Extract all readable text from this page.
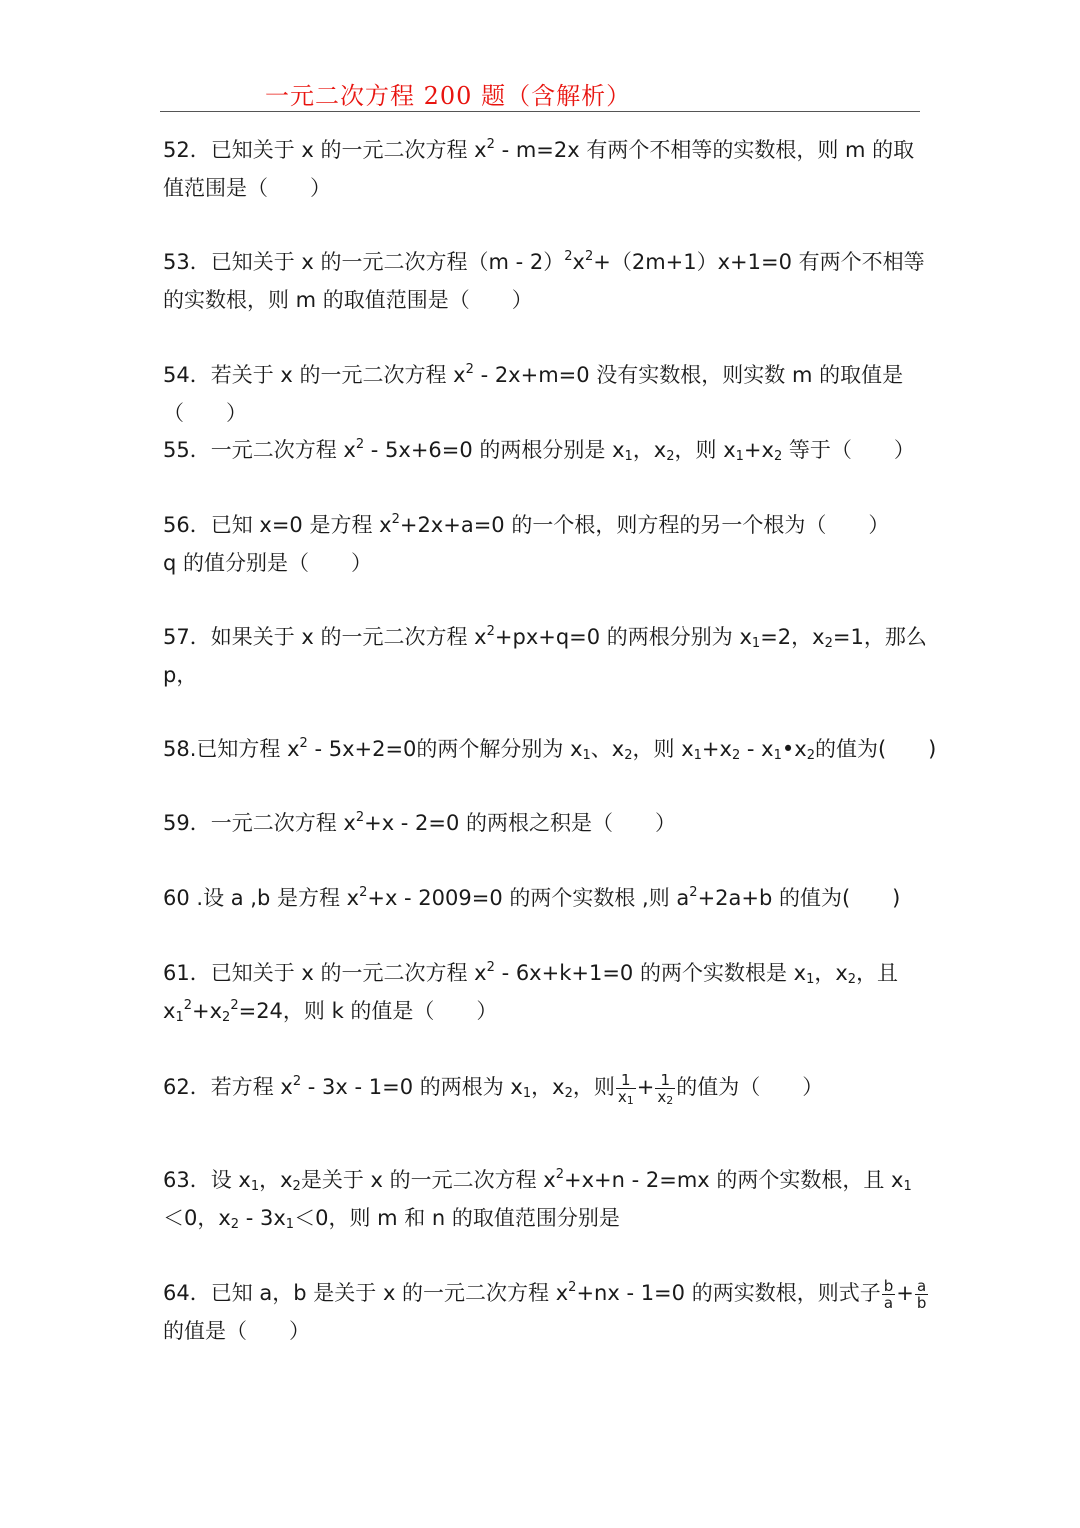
一元二次方程 200 题（含解析）
52．已知关于 x 的一元二次方程 $x^2 - m=2x$ 有两个不相等的实数根，则 m 的取
值范围是（　　）
53．已知关于 x 的一元二次方程$(m - 2)^2x^2+(2m+1)x+1=0$ 有两个不相等
的实数根，则 m 的取值范围是（　　）
54．若关于 x 的一元二次方程 $x^2 - 2x+m=0$ 没有实数根，则实数 m 的取值是
（　　）
55．一元二次方程 $x^2 - 5x+6=0$ 的两根分别是 $x_1$，$x_2$，则 $x_1+x_2$ 等于（　　）
56．已知 x=0 是方程 $x^2+2x+a=0$ 的一个根，则方程的另一个根为（　　）
q 的值分别是（　　）
57．如果关于 x 的一元二次方程 $x^2+px+q=0$ 的两根分别为 $x_1=2$，$x_2=1$，那么
p，
58.已知方程 $x^2 - 5x+2=0$的两个解分别为 $x_1$、$x_2$，则 $x_1+x_2$ - $x_1•x_2$的值为(　　)
59．一元二次方程 $x^2+x - 2=0$ 的两根之积是（　　）
60 .设 a ,b 是方程 $x^2+x - 2009=0$ 的两个实数根 ,则 $a^2+2a+b$ 的值为(　　)
61．已知关于 x 的一元二次方程 $x^2 - 6x+k+1=0$ 的两个实数根是 $x_1$，$x_2$，且
$x_1^2+x_2^2=24$，则 k 的值是（　　）
62．若方程 $x^2 - 3x - 1=0$ 的两根为 $x_1$，$x_2$，则 $\frac{1}{x_1} + \frac{1}{x_2}$ 的值为（　　）
63．设 $x_1$，$x_2$是关于 x 的一元二次方程 $x^2+x+n - 2=mx$ 的两个实数根，且 $x_1$
＜0，$x_2 - 3x_1<0$，则 m 和 n 的取值范围分别是
64．已知 a，b 是关于 x 的一元二次方程 $x^2+nx - 1=0$ 的两实数根，则式子 $\frac{b}{a} + \frac{a}{b}$
的值是（　　）
